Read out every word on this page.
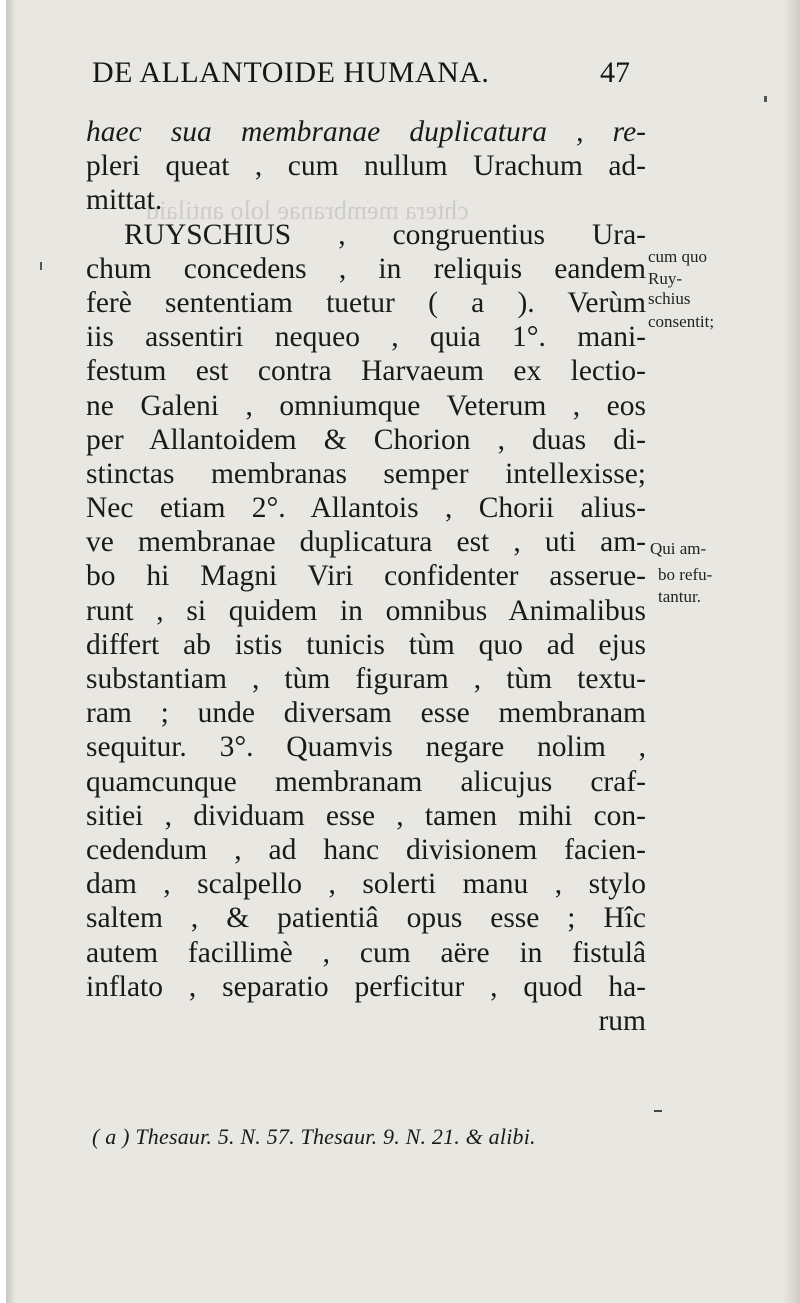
chtera membranae lolo antilaid
DE ALLANTOIDE HUMANA.	47
haec sua membranae duplicatura , re-
pleri queat , cum nullum Urachum ad-
mittat.
RUYSCHIUS , congruentius Ura-
chum concedens , in reliquis eandem
ferè sententiam tuetur ( a ). Verùm
iis assentiri nequeo , quia 1°. mani-
festum est contra Harvaeum ex lectio-
ne Galeni , omniumque Veterum , eos
per Allantoidem & Chorion , duas di-
stinctas membranas semper intellexisse;
Nec etiam 2°. Allantois , Chorii alius-
ve membranae duplicatura est , uti am-
bo hi Magni Viri confidenter asserue-
runt , si quidem in omnibus Animalibus
differt ab istis tunicis tùm quo ad ejus
substantiam , tùm figuram , tùm textu-
ram ; unde diversam esse membranam
sequitur. 3°. Quamvis negare nolim ,
quamcunque membranam alicujus craf-
sitiei , dividuam esse , tamen mihi con-
cedendum , ad hanc divisionem facien-
dam , scalpello , solerti manu , stylo
saltem , & patientiâ opus esse ; Hîc
autem facillimè , cum aëre in fistulâ
inflato , separatio perficitur , quod ha-
rum
cum quo
Ruy-
schius
consentit;
Qui am-
bo refu-
tantur.
( a ) Thesaur. 5. N. 57. Thesaur. 9. N. 21. & alibi.
